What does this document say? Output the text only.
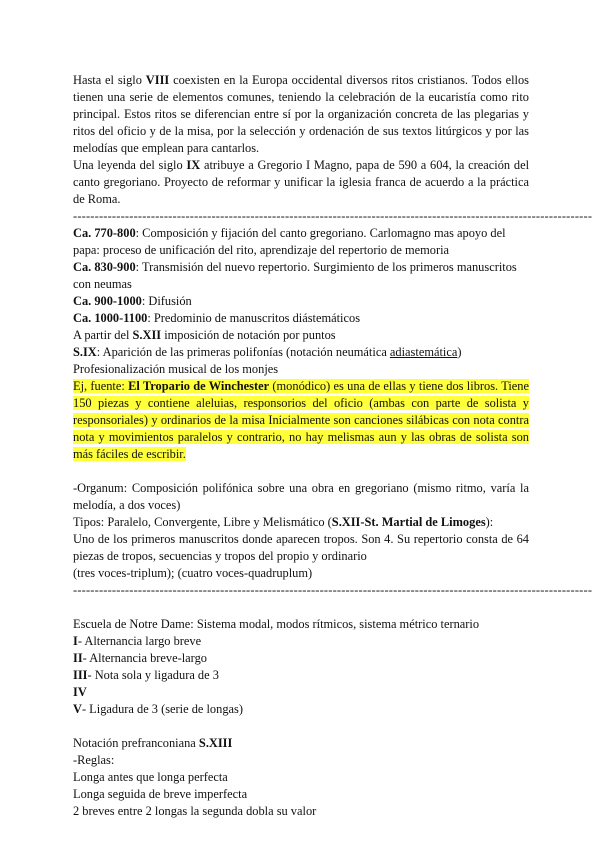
Hasta el siglo VIII coexisten en la Europa occidental diversos ritos cristianos. Todos ellos tienen una serie de elementos comunes, teniendo la celebración de la eucaristía como rito principal. Estos ritos se diferencian entre sí por la organización concreta de las plegarias y ritos del oficio y de la misa, por la selección y ordenación de sus textos litúrgicos y por las melodías que emplean para cantarlos.

Una leyenda del siglo IX atribuye a Gregorio I Magno, papa de 590 a 604, la creación del canto gregoriano. Proyecto de reformar y unificar la iglesia franca de acuerdo a la práctica de Roma.

------------------------------------------------------------------------------------------------------------------------

Ca. 770-800: Composición y fijación del canto gregoriano. Carlomagno mas apoyo del papa: proceso de unificación del rito, aprendizaje del repertorio de memoria

Ca. 830-900: Transmisión del nuevo repertorio. Surgimiento de los primeros manuscritos con neumas

Ca. 900-1000: Difusión

Ca. 1000-1100: Predominio de manuscritos diástemáticos

A partir del S.XII imposición de notación por puntos

S.IX: Aparición de las primeras polifonías (notación neumática adiastemática)

Profesionalización musical de los monjes

Ej, fuente: El Tropario de Winchester (monódico) es una de ellas y tiene dos libros. Tiene 150 piezas y contiene aleluias, responsorios del oficio (ambas con parte de solista y responsoriales) y ordinarios de la misa Inicialmente son canciones silábicas con nota contra nota y movimientos paralelos y contrario, no hay melismas aun y las obras de solista son más fáciles de escribir.

-Organum: Composición polifónica sobre una obra en gregoriano (mismo ritmo, varía la melodía, a dos voces)

Tipos: Paralelo, Convergente, Libre y Melismático (S.XII-St. Martial de Limoges):

Uno de los primeros manuscritos donde aparecen tropos. Son 4. Su repertorio consta de 64 piezas de tropos, secuencias y tropos del propio y ordinario

(tres voces-triplum); (cuatro voces-quadruplum)

------------------------------------------------------------------------------------------------------------------------

Escuela de Notre Dame: Sistema modal, modos rítmicos, sistema métrico ternario

I- Alternancia largo breve

II- Alternancia breve-largo

III- Nota sola y ligadura de 3

IV

V- Ligadura de 3 (serie de longas)

Notación prefranconiana S.XIII

-Reglas:

Longa antes que longa perfecta

Longa seguida de breve imperfecta

2 breves entre 2 longas la segunda dobla su valor
